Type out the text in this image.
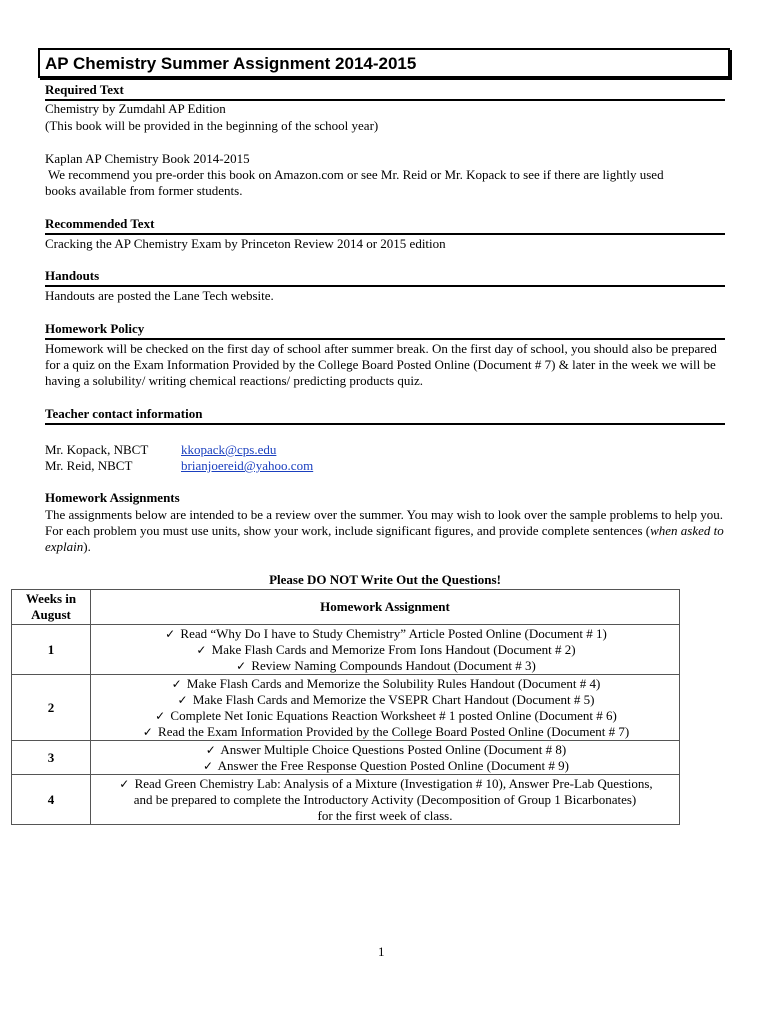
AP Chemistry Summer Assignment 2014-2015
Required Text
Chemistry by Zumdahl AP Edition
(This book will be provided in the beginning of the school year)
Kaplan AP Chemistry Book 2014-2015
We recommend you pre-order this book on Amazon.com or see Mr. Reid or Mr. Kopack to see if there are lightly used
books available from former students.
Recommended Text
Cracking the AP Chemistry Exam by Princeton Review 2014 or 2015 edition
Handouts
Handouts are posted the Lane Tech website.
Homework Policy
Homework will be checked on the first day of school after summer break. On the first day of school, you should also be prepared for a quiz on the Exam Information Provided by the College Board Posted Online (Document # 7) & later in the week we will be having a solubility/ writing chemical reactions/ predicting products quiz.
Teacher contact information
Mr. Kopack, NBCT	kkopack@cps.edu
Mr. Reid, NBCT	brianjoereid@yahoo.com
Homework Assignments
The assignments below are intended to be a review over the summer. You may wish to look over the sample problems to help you. For each problem you must use units, show your work, include significant figures, and provide complete sentences (when asked to explain).
Please DO NOT Write Out the Questions!
Weeks in August	Homework Assignment
1	✓ Read “Why Do I have to Study Chemistry” Article Posted Online (Document # 1)
✓ Make Flash Cards and Memorize From Ions Handout (Document # 2)
✓ Review Naming Compounds Handout (Document # 3)

2	✓ Make Flash Cards and Memorize the Solubility Rules Handout (Document # 4)
✓ Make Flash Cards and Memorize the VSEPR Chart Handout (Document # 5)
✓ Complete Net Ionic Equations Reaction Worksheet # 1 posted Online (Document # 6)
✓ Read the Exam Information Provided by the College Board Posted Online (Document # 7)

3	✓ Answer Multiple Choice Questions Posted Online (Document # 8)
✓ Answer the Free Response Question Posted Online (Document # 9)

4	✓ Read Green Chemistry Lab: Analysis of a Mixture (Investigation # 10), Answer Pre-Lab Questions,
and be prepared to complete the Introductory Activity (Decomposition of Group 1 Bicarbonates)
for the first week of class.
1
